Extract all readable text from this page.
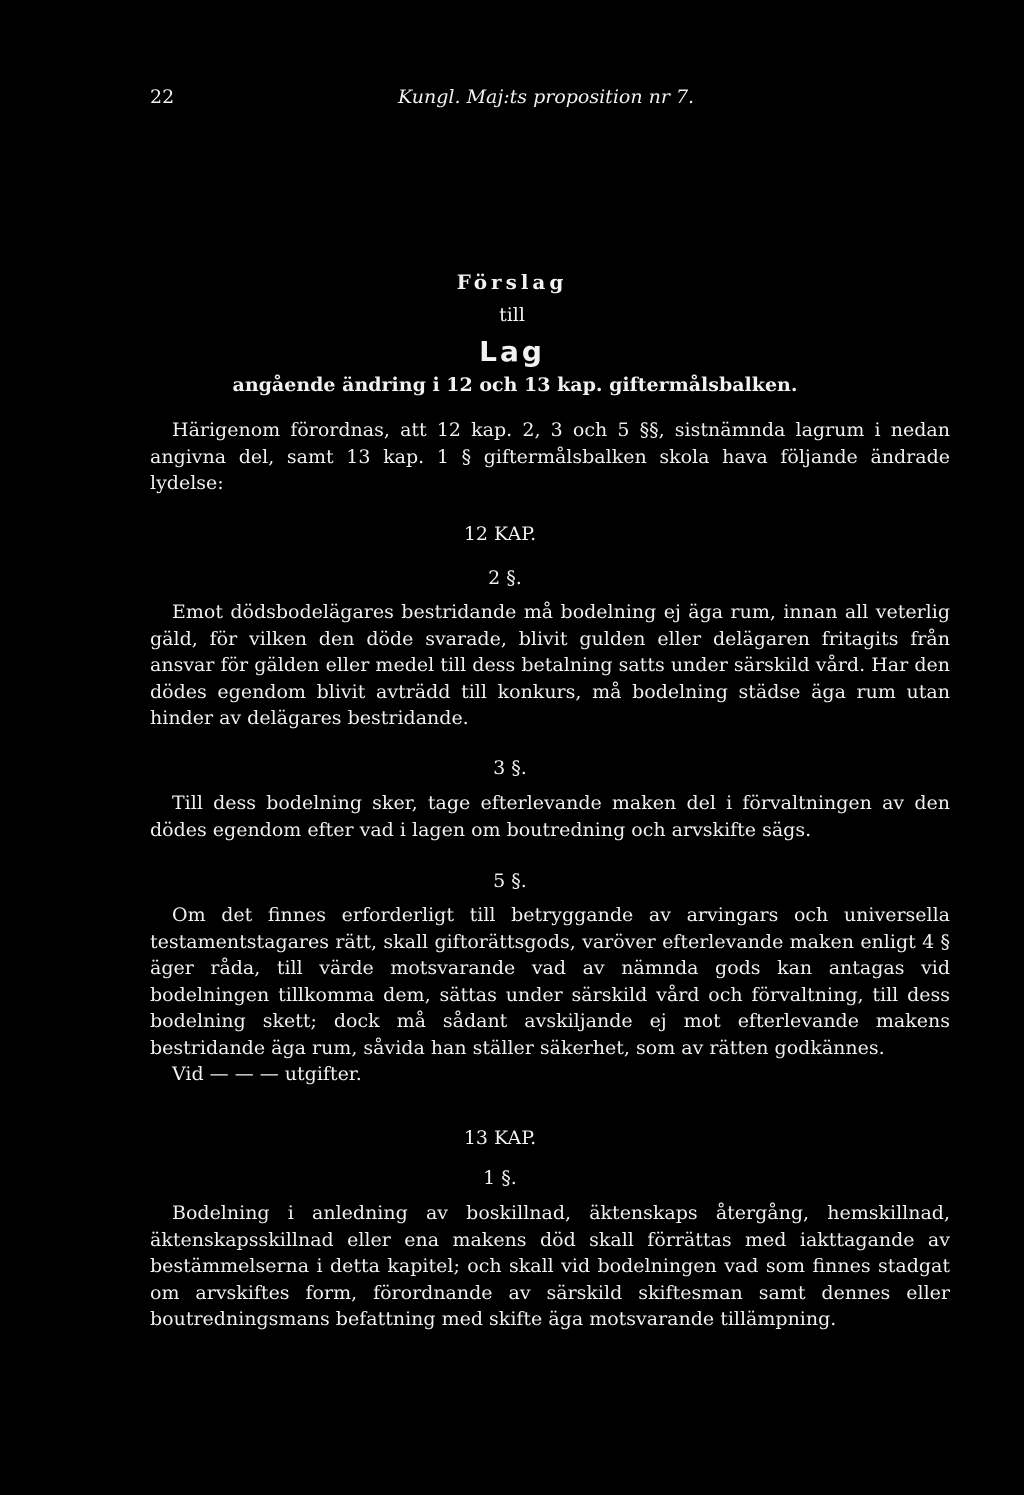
22	Kungl. Maj:ts proposition nr 7.
Förslag
till
Lag
angående ändring i 12 och 13 kap. giftermålsbalken.
Härigenom förordnas, att 12 kap. 2, 3 och 5 §§, sistnämnda lagrum i nedan angivna del, samt 13 kap. 1 § giftermålsbalken skola hava följande ändrade lydelse:
12 KAP.
2 §.
Emot dödsbodelägares bestridande må bodelning ej äga rum, innan all veterlig gäld, för vilken den döde svarade, blivit gulden eller delägaren fritagits från ansvar för gälden eller medel till dess betalning satts under särskild vård. Har den dödes egendom blivit avträdd till konkurs, må bodelning städse äga rum utan hinder av delägares bestridande.
3 §.
Till dess bodelning sker, tage efterlevande maken del i förvaltningen av den dödes egendom efter vad i lagen om boutredning och arvskifte sägs.
5 §.
Om det finnes erforderligt till betryggande av arvingars och universella testamentstagares rätt, skall giftorättsgods, varöver efterlevande maken enligt 4 § äger råda, till värde motsvarande vad av nämnda gods kan antagas vid bodelningen tillkomma dem, sättas under särskild vård och förvaltning, till dess bodelning skett; dock må sådant avskiljande ej mot efterlevande makens bestridande äga rum, såvida han ställer säkerhet, som av rätten godkännes.
Vid — — — utgifter.
13 KAP.
1 §.
Bodelning i anledning av boskillnad, äktenskaps återgång, hemskillnad, äktenskapsskillnad eller ena makens död skall förrättas med iakttagande av bestämmelserna i detta kapitel; och skall vid bodelningen vad som finnes stadgat om arvskiftes form, förordnande av särskild skiftesman samt dennes eller boutredningsmans befattning med skifte äga motsvarande tillämpning.
